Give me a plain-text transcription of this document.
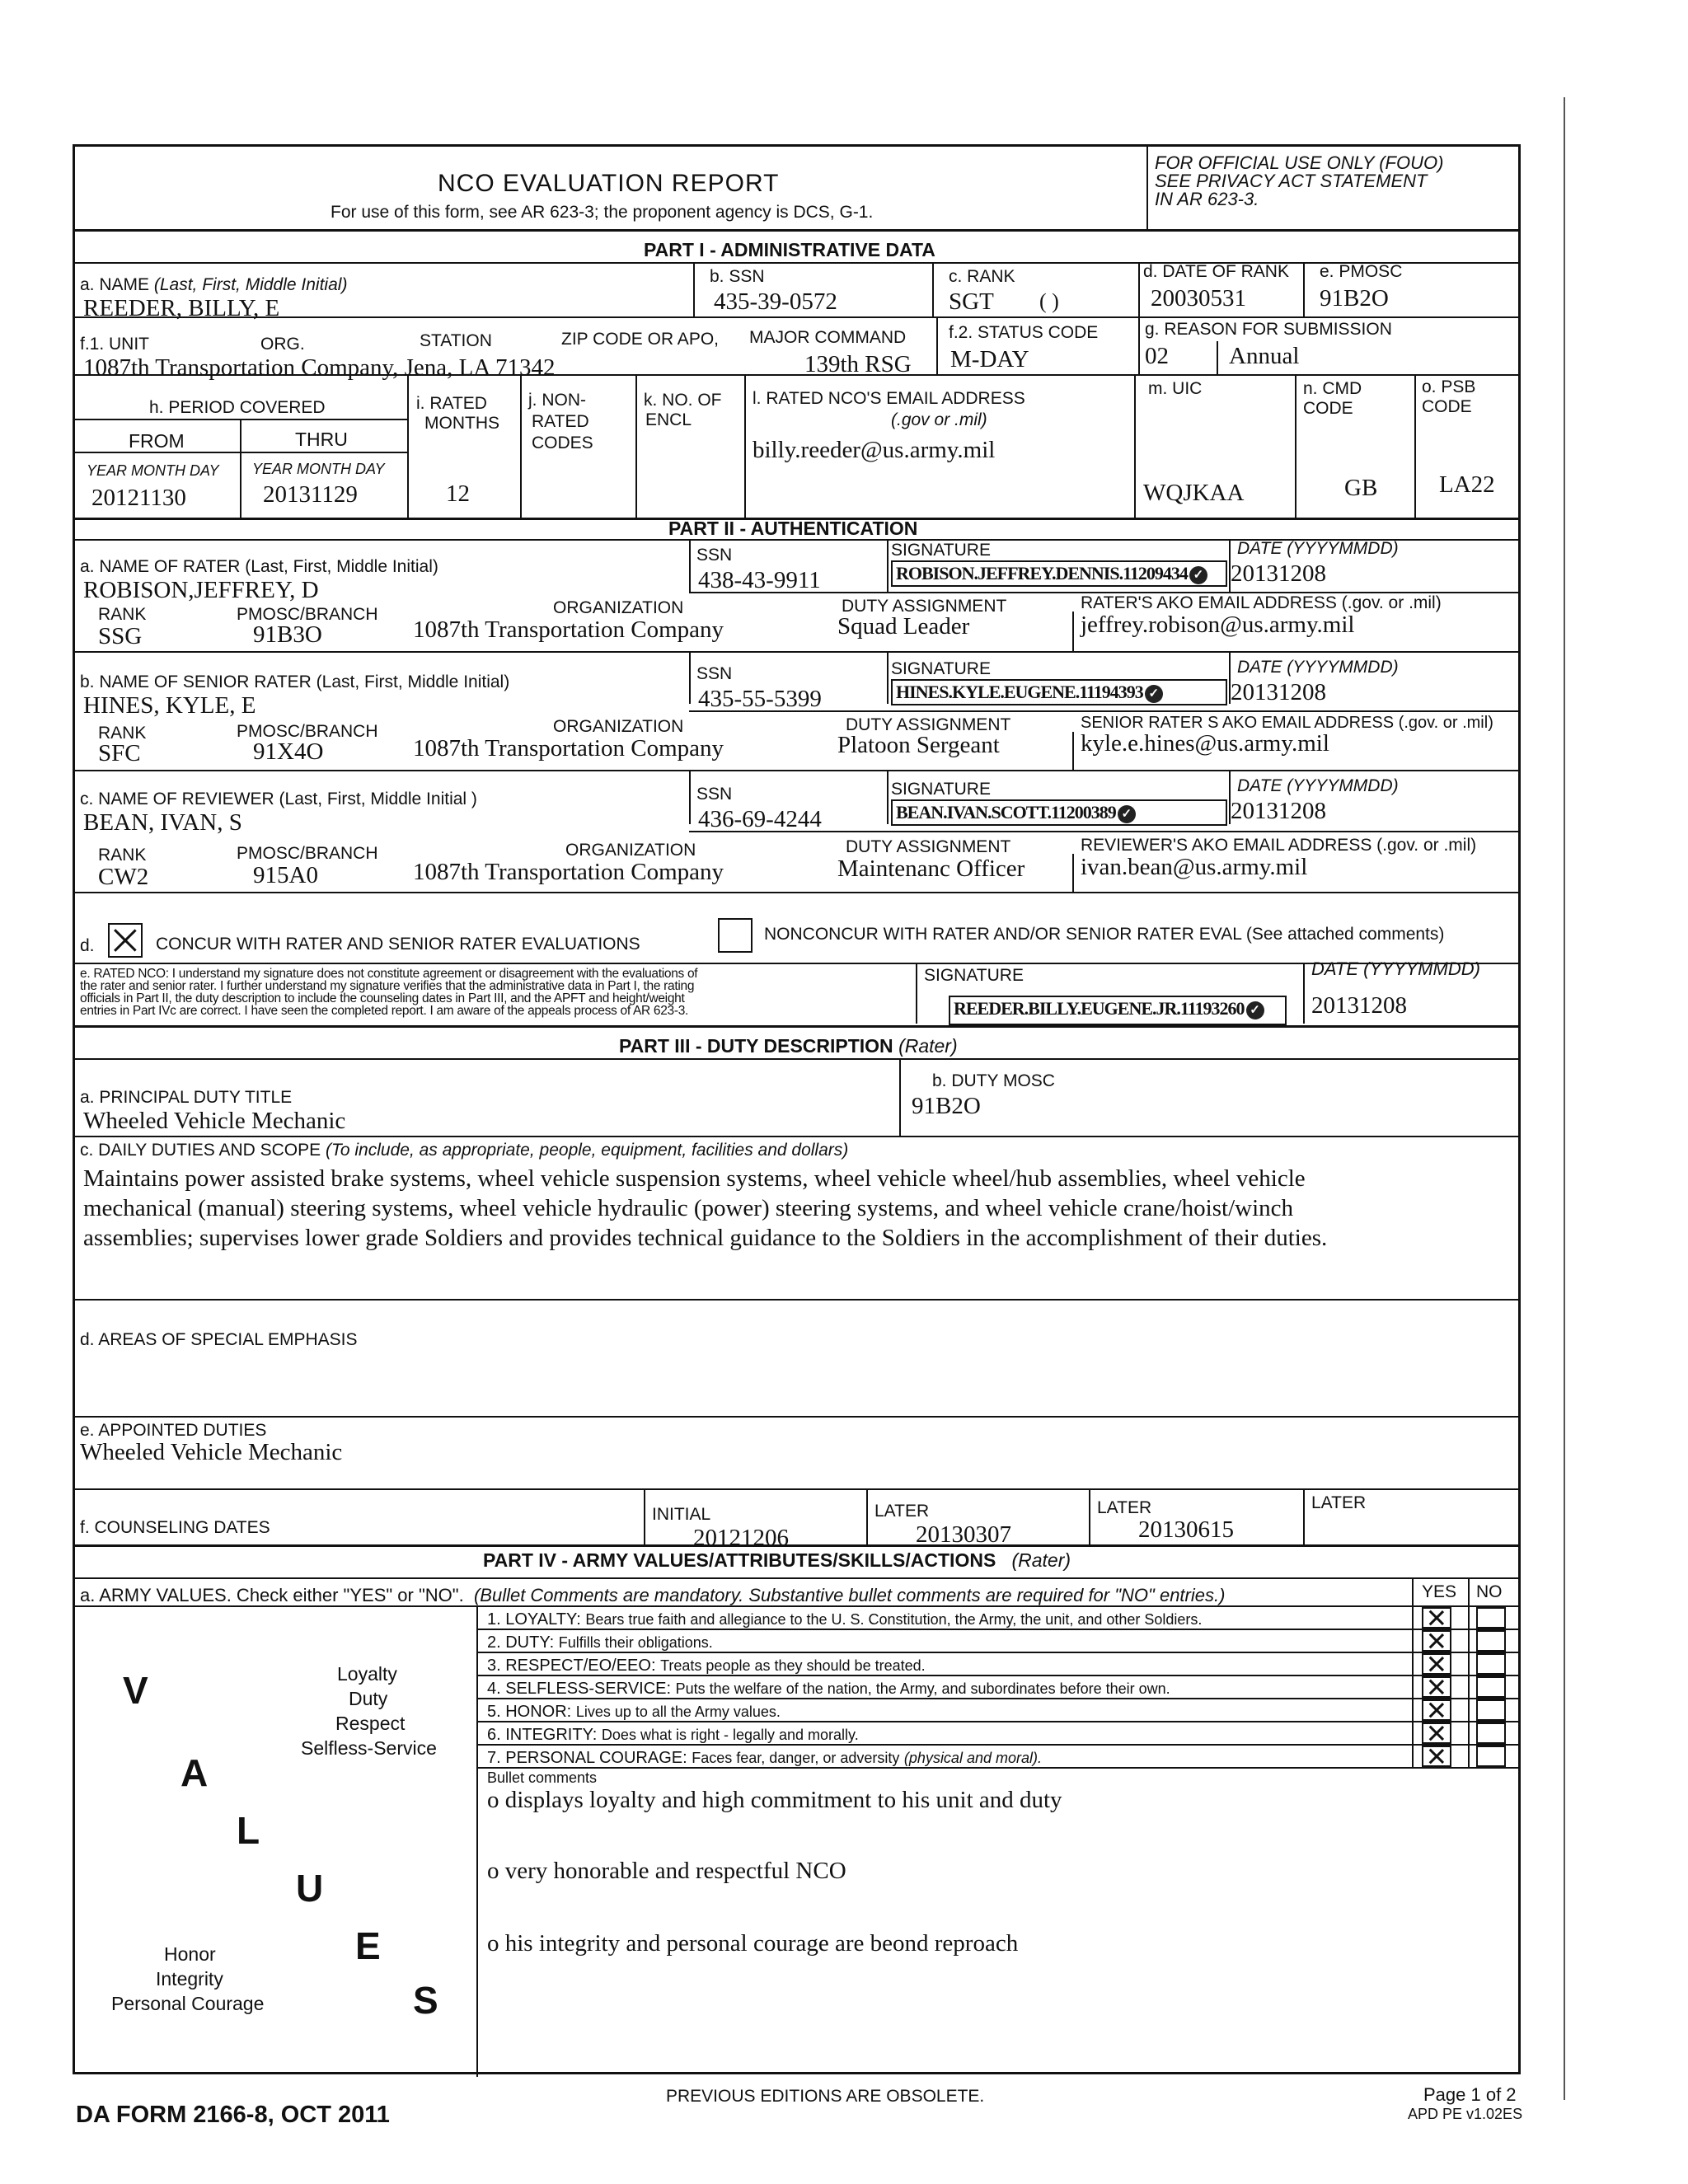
NCO EVALUATION REPORT
For use of this form, see AR 623-3; the proponent agency is DCS, G-1.
FOR OFFICIAL USE ONLY (FOUO)
SEE PRIVACY ACT STATEMENT
IN AR 623-3.
PART I - ADMINISTRATIVE DATA
a. NAME (Last, First, Middle Initial)
REEDER, BILLY, E
b. SSN
435-39-0572
c. RANK
SGT ( )
d. DATE OF RANK
20030531
e. PMOSC
91B2O
f.1. UNIT	ORG.	STATION	ZIP CODE OR APO, MAJOR COMMAND
1087th Transportation Company, Jena, LA 71342	139th RSG
f.2. STATUS CODE
M-DAY
g. REASON FOR SUBMISSION
02	Annual
h. PERIOD COVERED
FROM	THRU
YEAR MONTH DAY YEAR MONTH DAY
20121130	20131129
i. RATED
MONTHS
12
j. NON-
RATED
CODES
k. NO. OF
ENCL
l. RATED NCO'S EMAIL ADDRESS
(.gov or .mil)
billy.reeder@us.army.mil
m. UIC
WQJKAA
n. CMD
CODE
GB
o. PSB
CODE
LA22
PART II - AUTHENTICATION
a. NAME OF RATER (Last, First, Middle Initial)
ROBISON,JEFFREY, D
SSN
438-43-9911
SIGNATURE
ROBISON.JEFFREY.DENNIS.11209434 ✓
DATE (YYYYMMDD)
20131208
RANK	PMOSC/BRANCH	ORGANIZATION	DUTY ASSIGNMENT	RATER'S AKO EMAIL ADDRESS (.gov. or .mil)
SSG	91B3O	1087th Transportation Company	Squad Leader	jeffrey.robison@us.army.mil
b. NAME OF SENIOR RATER (Last, First, Middle Initial)
HINES, KYLE, E
SSN
435-55-5399
SIGNATURE
HINES.KYLE.EUGENE.11194393 ✓
DATE (YYYYMMDD)
20131208
RANK	PMOSC/BRANCH	ORGANIZATION	DUTY ASSIGNMENT	SENIOR RATER S AKO EMAIL ADDRESS (.gov. or .mil)
SFC	91X4O	1087th Transportation Company	Platoon Sergeant	kyle.e.hines@us.army.mil
c. NAME OF REVIEWER (Last, First, Middle Initial )
BEAN, IVAN, S
SSN
436-69-4244
SIGNATURE
BEAN.IVAN.SCOTT.11200389 ✓
DATE (YYYYMMDD)
20131208
RANK	PMOSC/BRANCH	ORGANIZATION	DUTY ASSIGNMENT	REVIEWER'S AKO EMAIL ADDRESS (.gov. or .mil)
CW2	915A0	1087th Transportation Company	Maintenanc Officer ivan.bean@us.army.mil
d.	CONCUR WITH RATER AND SENIOR RATER EVALUATIONS
NONCONCUR WITH RATER AND/OR SENIOR RATER EVAL (See attached comments)
e. RATED NCO: I understand my signature does not constitute agreement or disagreement with the evaluations of
the rater and senior rater. I further understand my signature verifies that the administrative data in Part I, the rating
officials in Part II, the duty description to include the counseling dates in Part III, and the APFT and height/weight
entries in Part IVc are correct. I have seen the completed report. I am aware of the appeals process of AR 623-3.
SIGNATURE
REEDER.BILLY.EUGENE.JR.11193260 ✓
DATE (YYYYMMDD)
20131208
PART III - DUTY DESCRIPTION (Rater)
a. PRINCIPAL DUTY TITLE
Wheeled Vehicle Mechanic
b. DUTY MOSC
91B2O
c. DAILY DUTIES AND SCOPE (To include, as appropriate, people, equipment, facilities and dollars)
Maintains power assisted brake systems, wheel vehicle suspension systems, wheel vehicle wheel/hub assemblies, wheel vehicle
mechanical (manual) steering systems, wheel vehicle hydraulic (power) steering systems, and wheel vehicle crane/hoist/winch
assemblies; supervises lower grade Soldiers and provides technical guidance to the Soldiers in the accomplishment of their duties.
d. AREAS OF SPECIAL EMPHASIS
e. APPOINTED DUTIES
Wheeled Vehicle Mechanic
f. COUNSELING DATES
INITIAL
20121206
LATER
20130307
LATER
20130615
LATER
PART IV - ARMY VALUES/ATTRIBUTES/SKILLS/ACTIONS (Rater)
a. ARMY VALUES. Check either "YES" or "NO". (Bullet Comments are mandatory. Substantive bullet comments are required for "NO" entries.)	YES NO
V
A
L
U
E
S
Loyalty
Duty
Respect
Selfless-Service
Honor
Integrity
Personal Courage
Bullet comments
o displays loyalty and high commitment to his unit and duty
o very honorable and respectful NCO
o his integrity and personal courage are beond reproach
1. LOYALTY: Bears true faith and allegiance to the U. S. Constitution, the Army, the unit, and other Soldiers.
2. DUTY: Fulfills their obligations.
3. RESPECT/EO/EEO: Treats people as they should be treated.
4. SELFLESS-SERVICE: Puts the welfare of the nation, the Army, and subordinates before their own.
5. HONOR: Lives up to all the Army values.
6. INTEGRITY: Does what is right - legally and morally.
7. PERSONAL COURAGE: Faces fear, danger, or adversity (physical and moral).
DA FORM 2166-8, OCT 2011
PREVIOUS EDITIONS ARE OBSOLETE.	Page 1 of 2
APD PE v1.02ES
